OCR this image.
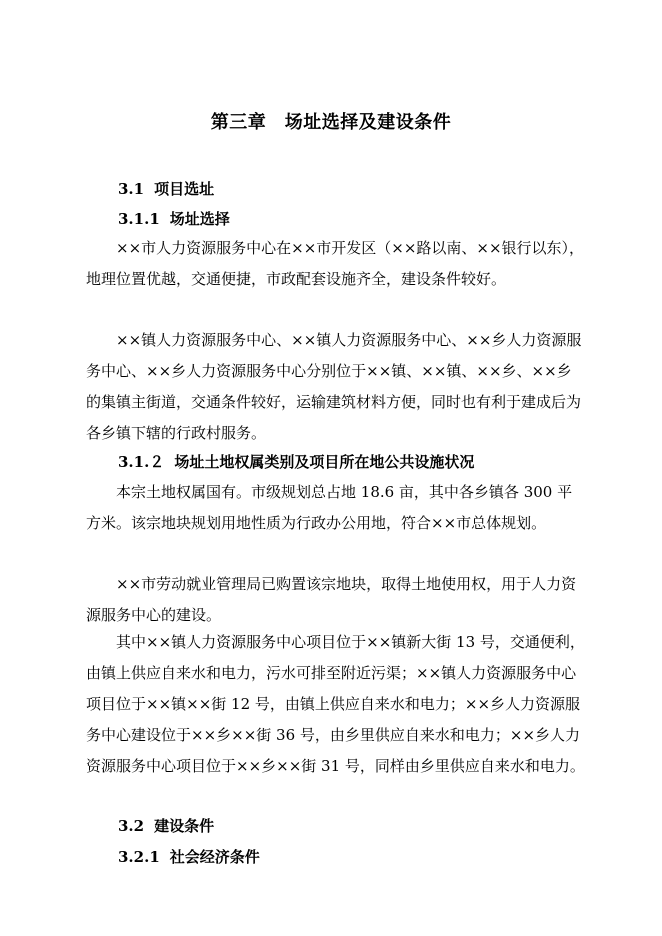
第三章　场址选择及建设条件
3.1 项目选址
3.1.1 场址选择

××市人力资源服务中心在××市开发区（××路以南、××银行以东），地理位置优越，交通便捷，市政配套设施齐全，建设条件较好。

××镇人力资源服务中心、××镇人力资源服务中心、××乡人力资源服务中心、××乡人力资源服务中心分别位于××镇、××镇、××乡、××乡的集镇主街道，交通条件较好，运输建筑材料方便，同时也有利于建成后为各乡镇下辖的行政村服务。

3.1.２ 场址土地权属类别及项目所在地公共设施状况

本宗土地权属国有。市级规划总占地 18.6 亩，其中各乡镇各 300 平方米。该宗地块规划用地性质为行政办公用地，符合××市总体规划。

××市劳动就业管理局已购置该宗地块，取得土地使用权，用于人力资源服务中心的建设。

其中××镇人力资源服务中心项目位于××镇新大街 13 号，交通便利，由镇上供应自来水和电力，污水可排至附近污渠；××镇人力资源服务中心项目位于××镇××街 12 号，由镇上供应自来水和电力；××乡人力资源服务中心建设位于××乡××街 36 号，由乡里供应自来水和电力；××乡人力资源服务中心项目位于××乡××街 31 号，同样由乡里供应自来水和电力。

3.2 建设条件
3.2.1 社会经济条件
